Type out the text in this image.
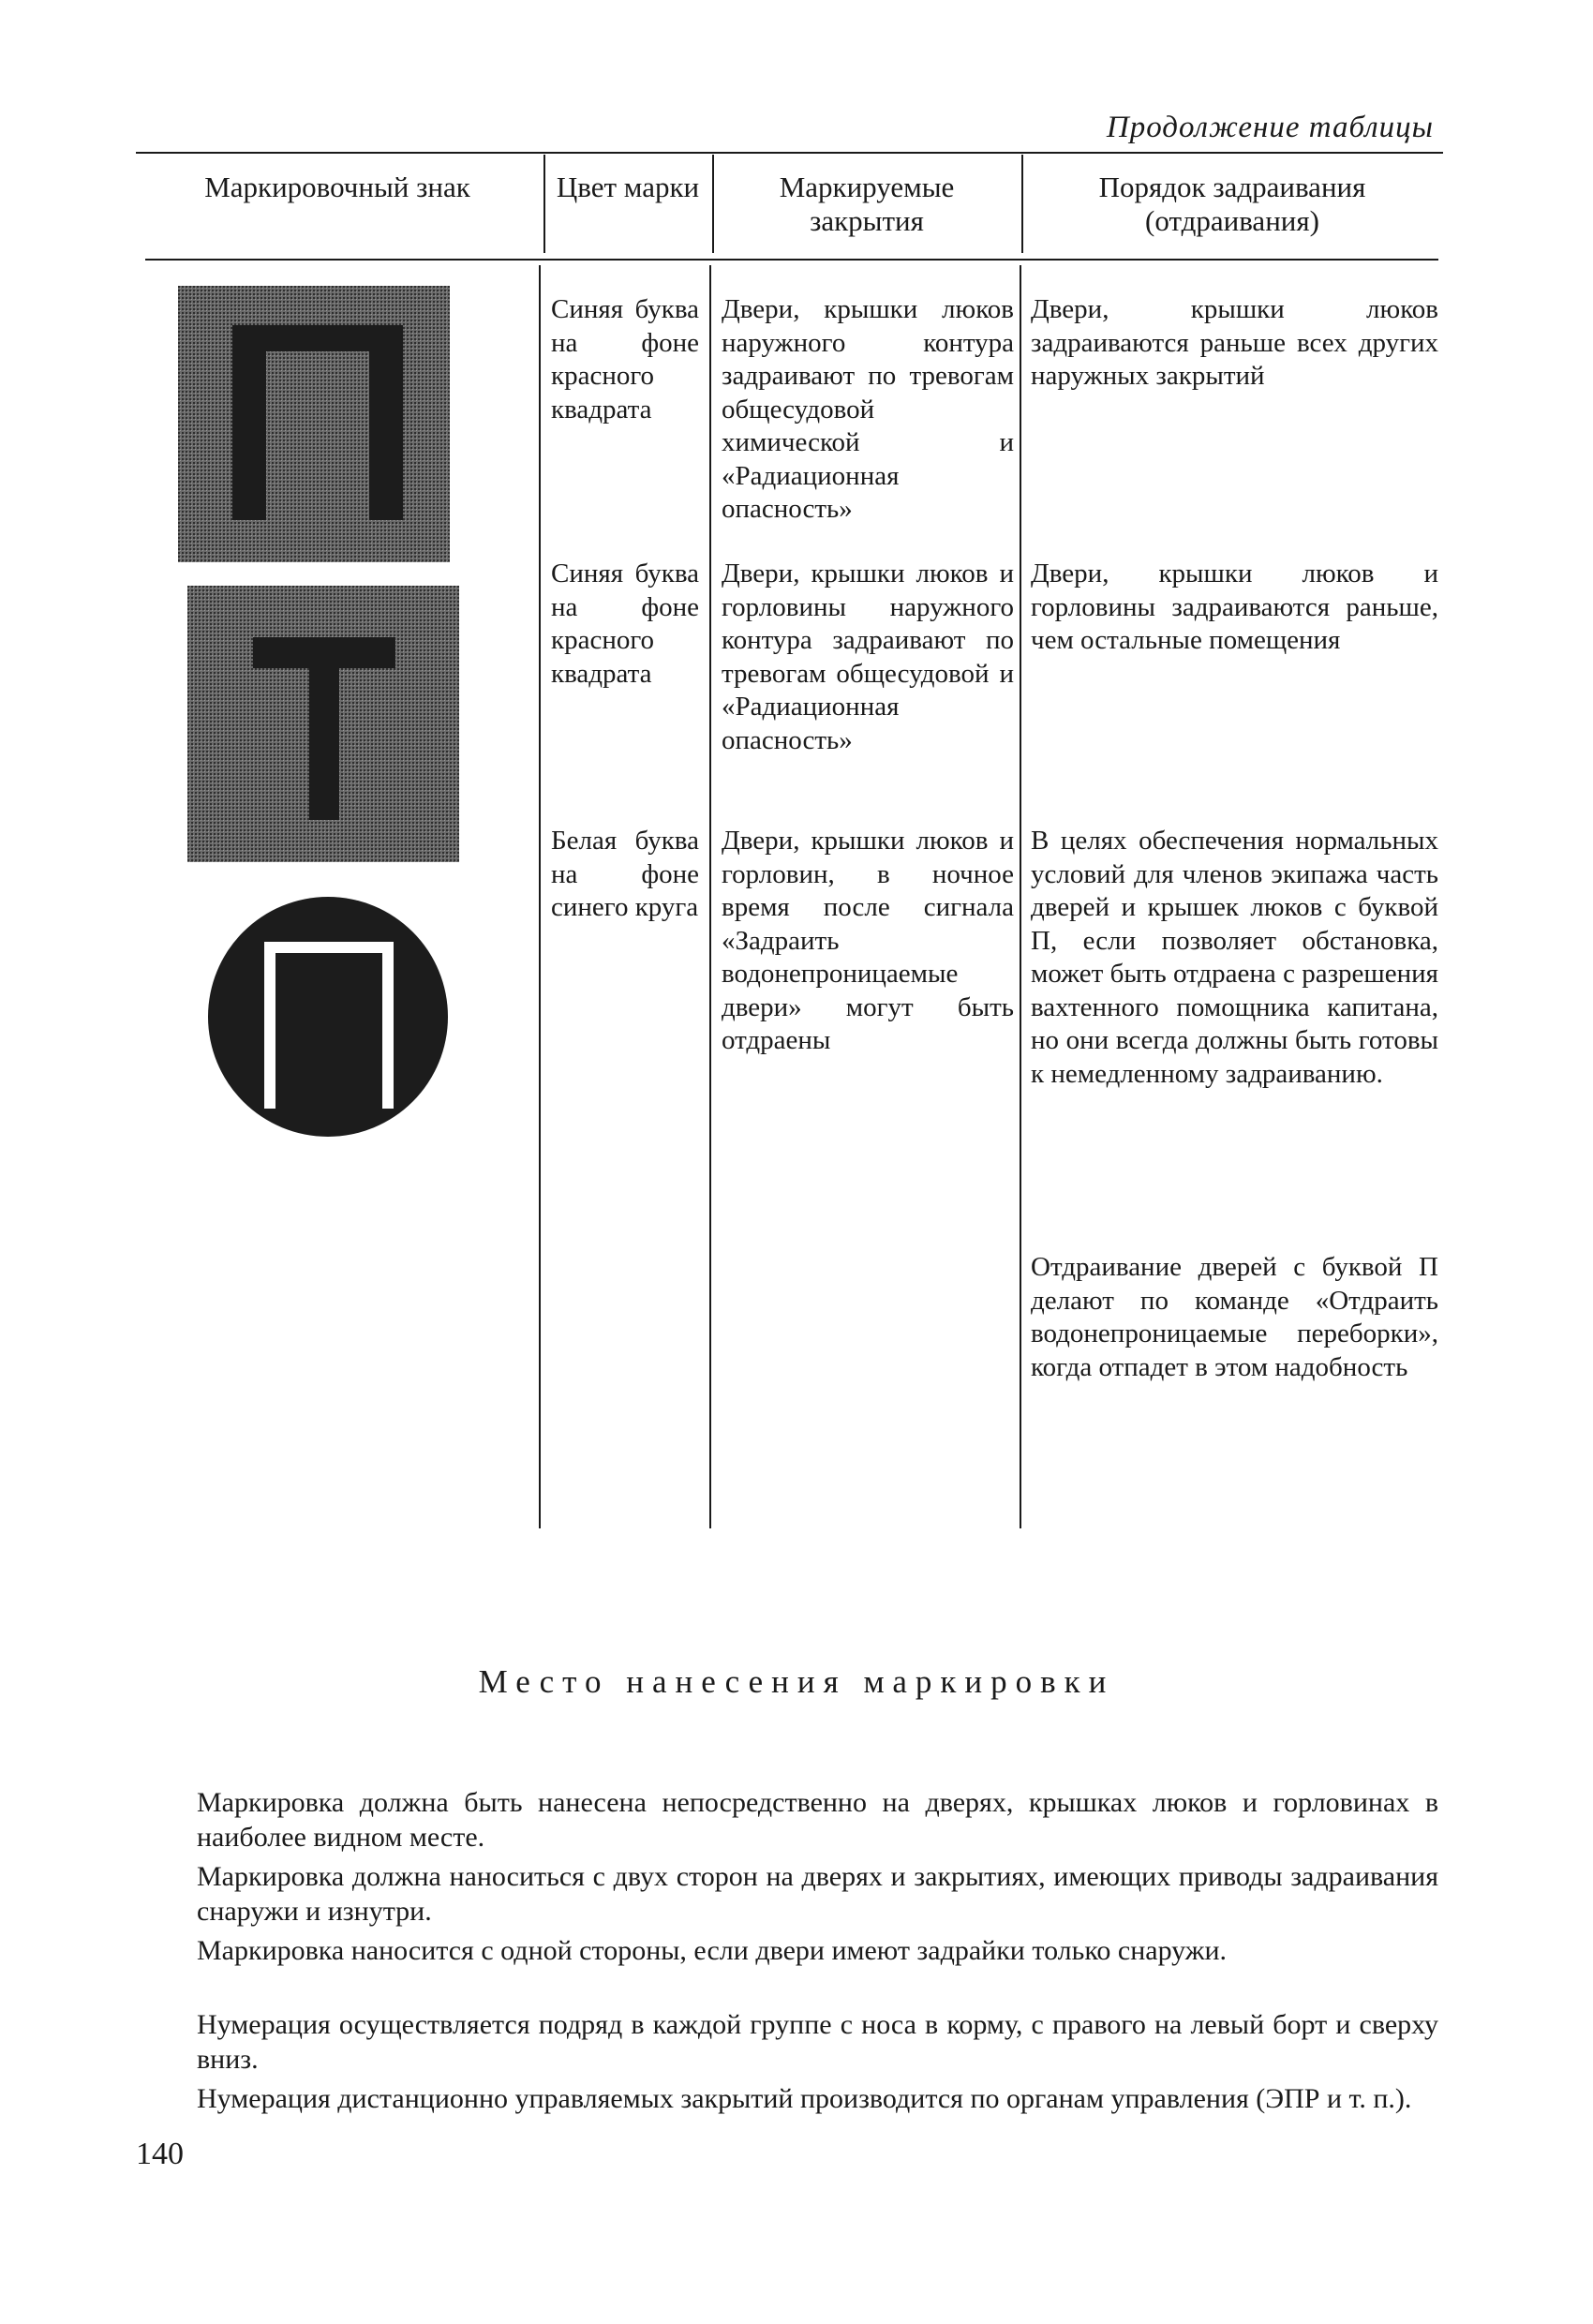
Продолжение таблицы
Маркировочный знак	Цвет марки	Маркируемые закрытия
Порядок задраивания (отдраивания)
Синяя буква на фоне красного квадрата
Двери, крышки люков наружного контура задраивают по тревогам общесудовой химической и «Радиационная опасность»
Двери, крышки люков задраиваются раньше всех других наружных закрытий
Синяя буква на фоне красного квадрата
Двери, крышки люков и горловины наружного контура задраивают по тревогам общесудовой и «Радиационная опасность»
Двери, крышки люков и горловины задраиваются раньше, чем остальные помещения
Белая буква на фоне синего круга
Двери, крышки люков и горловин, в ночное время после сигнала «Задраить водонепроницаемые двери» могут быть отдраены
В целях обеспечения нормальных условий для членов экипажа часть дверей и крышек люков с буквой П, если позволяет обстановка, может быть отдраена с разрешения вахтенного помощника капитана, но они всегда должны быть готовы к немедленному задраиванию.
Отдраивание дверей с буквой П делают по команде «Отдраить водонепроницаемые переборки», когда отпадет в этом надобность
Место нанесения маркировки

Маркировка должна быть нанесена непосредственно на дверях, крышках люков и горловинах в наиболее видном месте.

Маркировка должна наноситься с двух сторон на дверях и закрытиях, имеющих приводы задраивания снаружи и изнутри.

Маркировка наносится с одной стороны, если двери имеют задрайки только снаружи.

Нумерация осуществляется подряд в каждой группе с носа в корму, с правого на левый борт и сверху вниз.

Нумерация дистанционно управляемых закрытий производится по органам управления (ЭПР и т. п.).

140
